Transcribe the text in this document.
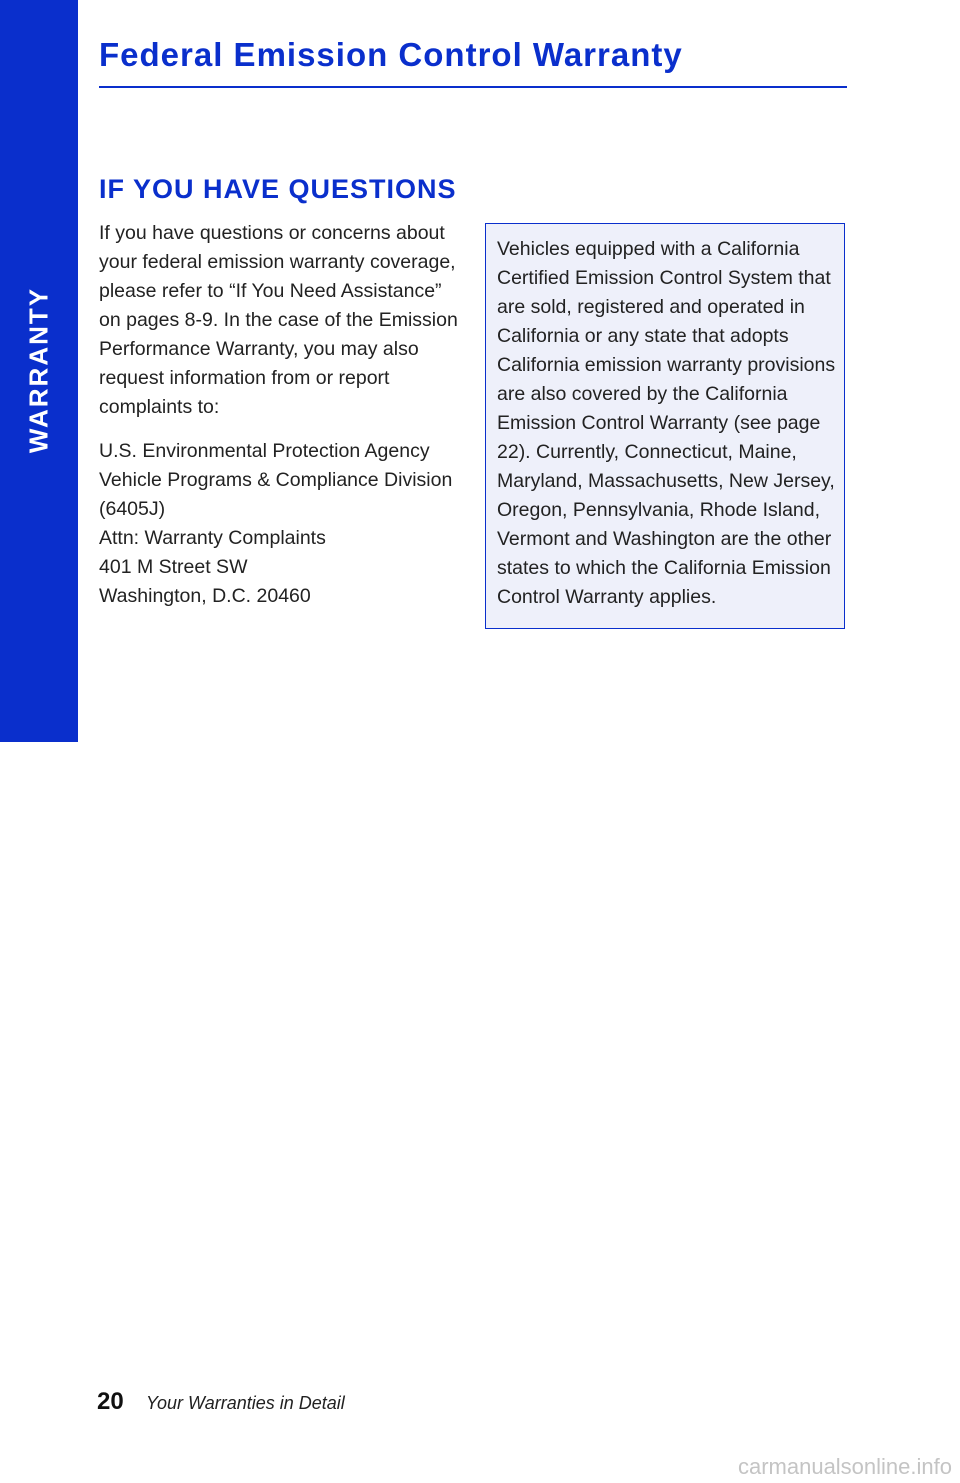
WARRANTY
Federal Emission Control Warranty
IF YOU HAVE QUESTIONS

If you have questions or concerns about your federal emission warranty coverage, please refer to “If You Need Assistance” on pages 8-9. In the case of the Emission Performance Warranty, you may also request information from or report complaints to:

U.S. Environmental Protection Agency
Vehicle Programs & Compliance Division
(6405J)
Attn: Warranty Complaints
401 M Street SW
Washington, D.C. 20460

Vehicles equipped with a California Certified Emission Control System that are sold, registered and operated in California or any state that adopts California emission warranty provisions are also covered by the California Emission Control Warranty (see page 22). Currently, Connecticut, Maine, Maryland, Massachusetts, New Jersey, Oregon, Pennsylvania, Rhode Island, Vermont and Washington are the other states to which the California Emission Control Warranty applies.

20 Your Warranties in Detail
carmanualsonline.info
